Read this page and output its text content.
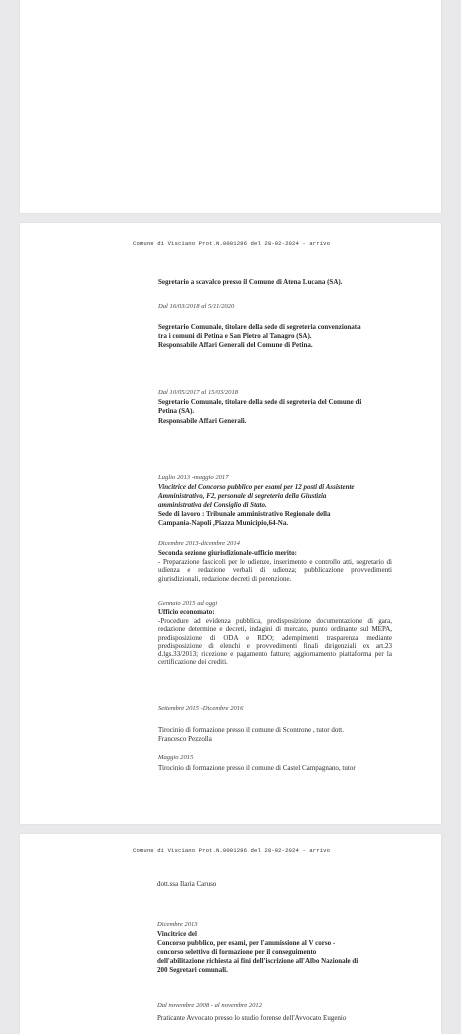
Comune di Visciano Prot.N.0001296 del 28-02-2024 - arrivo
Segretario a scavalco presso il Comune di Atena Lucana (SA).
Dal 16/03/2018 al 5/11/2020
Segretario Comunale, titolare della sede di segreteria convenzionata
tra i comuni di Petina e San Pietro al Tanagro (SA).
Responsabile Affari Generali del Comune di Petina.
Dal 10/05/2017 al 15/03/2018
Segretario Comunale, titolare della sede di segreteria del Comune di
Petina (SA).
Responsabile Affari Generali.
Luglio 2013 -maggio 2017
Vincitrice del Concorso pubblico per esami per 12 posti di Assistente
Amministrativo, F2, personale di segreteria della Giustizia
amministrativa del Consiglio di Stato.
Sede di lavoro : Tribunale amministrativo Regionale della
Campania-Napoli ,Piazza Municipio,64-Na.
Dicembre 2013-dicembre 2014
Seconda sezione giurisdizionale-ufficio merito:
- Preparazione fascicoli per le udienze, inserimento e controllo atti, segretario di udienza e redazione verbali di udienza; pubblicazione provvedimenti giurisdizionali, redazione decreti di perenzione.
Gennaio 2015 ad oggi
Ufficio economato:
-Procedure ad evidenza pubblica, predisposizione documentazione di gara, redazione determine e decreti, indagini di mercato, punto ordinante sul MEPA, predisposizione di ODA e RDO; adempimenti trasparenza mediante predisposizione di elenchi e provvedimenti finali dirigenziali ex art.23 d.lgs.33/2013; ricezione e pagamento fatture; aggiornamento piattaforma per la certificazione dei crediti.
Settembre 2015 -Dicembre 2016
Tirocinio di formazione presso il comune di Scontrone , tutor dott.
Francesco Pezzolla
Maggio 2015
Tirocinio di formazione presso il comune di Castel Campagnano, tutor
Comune di Visciano Prot.N.0001296 del 28-02-2024 - arrivo
dott.ssa Ilaria Caruso
Dicembre 2013
Vincitrice del
Concorso pubblico, per esami, per l'ammissione al V corso -
concorso selettivo di formazione per il conseguimento
dell'abilitazione richiesta ai fini dell'iscrizione all'Albo Nazionale di
200 Segretari comunali.
Dal novembre 2008 - al novembre 2012
Praticante Avvocato presso lo studio forense dell'Avvocato Eugenio
